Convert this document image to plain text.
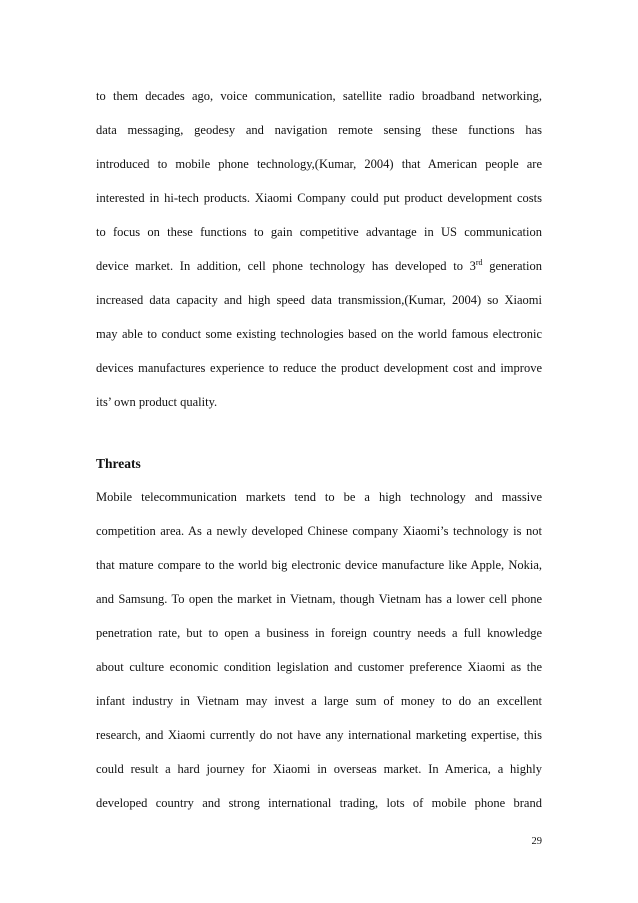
to them decades ago, voice communication, satellite radio broadband networking,
data messaging, geodesy and navigation remote sensing these functions has
introduced to mobile phone technology,(Kumar, 2004) that American people are
interested in hi-tech products. Xiaomi Company could put product development costs
to focus on these functions to gain competitive advantage in US communication
device market. In addition, cell phone technology has developed to 3rd generation
increased data capacity and high speed data transmission,(Kumar, 2004) so Xiaomi
may able to conduct some existing technologies based on the world famous electronic
devices manufactures experience to reduce the product development cost and improve
its’ own product quality.
Threats
Mobile telecommunication markets tend to be a high technology and massive
competition area. As a newly developed Chinese company Xiaomi’s technology is not
that mature compare to the world big electronic device manufacture like Apple, Nokia,
and Samsung. To open the market in Vietnam, though Vietnam has a lower cell phone
penetration rate, but to open a business in foreign country needs a full knowledge
about culture economic condition legislation and customer preference Xiaomi as the
infant industry in Vietnam may invest a large sum of money to do an excellent
research, and Xiaomi currently do not have any international marketing expertise, this
could result a hard journey for Xiaomi in overseas market. In America, a highly
developed country and strong international trading, lots of mobile phone brand
29
